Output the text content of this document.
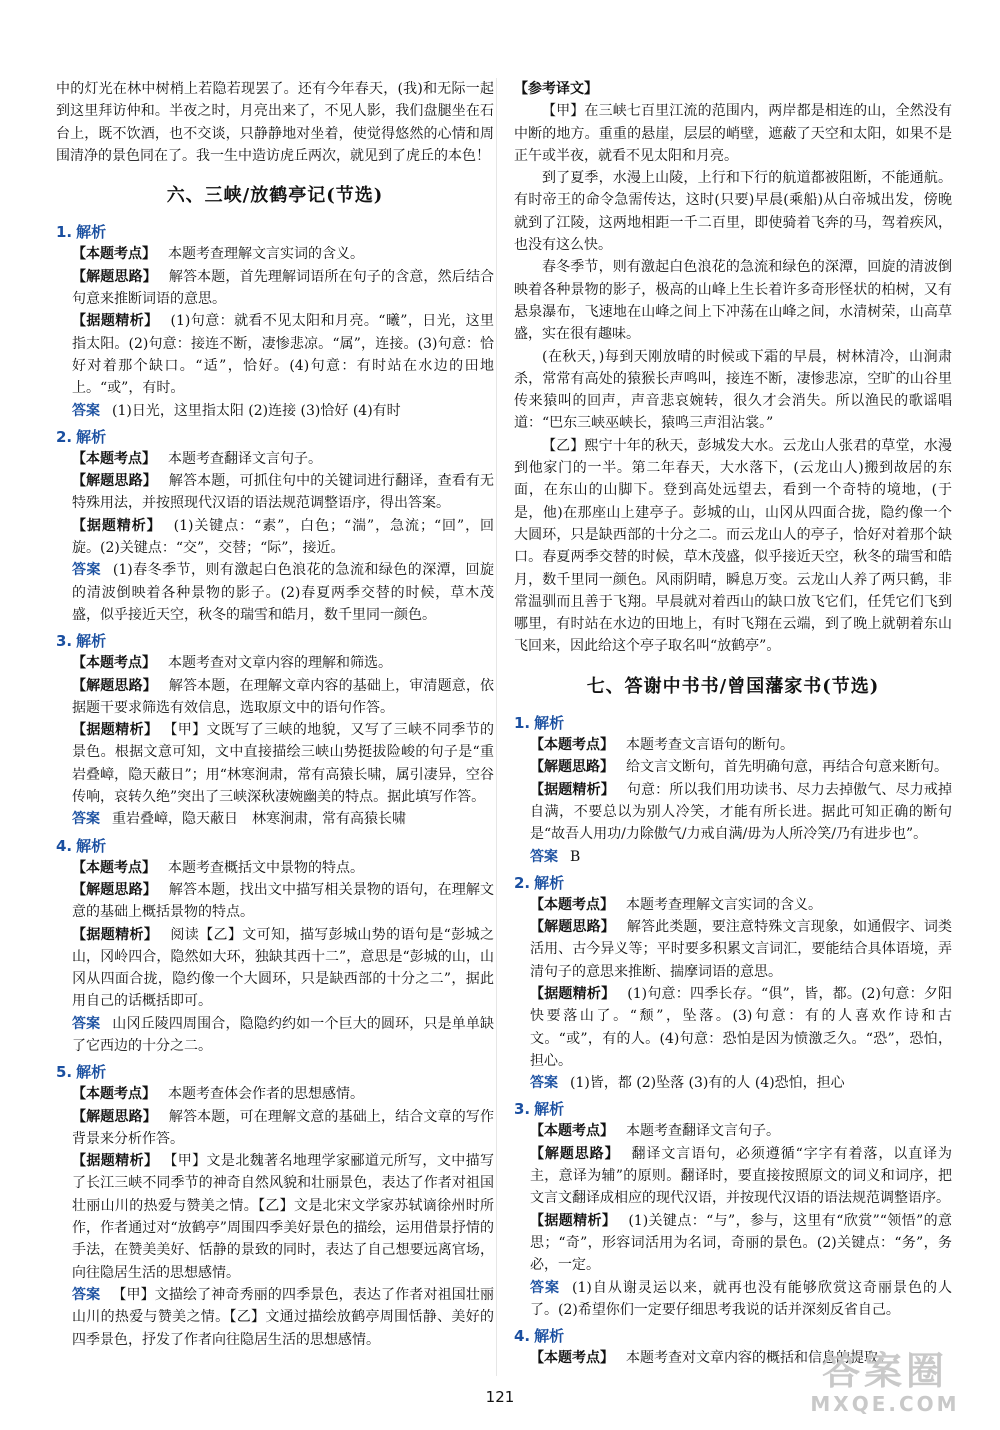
中的灯光在林中树梢上若隐若现罢了。还有今年春天，(我)和无际一起到这里拜访仲和。半夜之时，月亮出来了，不见人影，我们盘腿坐在石台上，既不饮酒，也不交谈，只静静地对坐着，使觉得悠然的心情和周围清净的景色同在了。我一生中造访虎丘两次，就见到了虎丘的本色！

六、三峡/放鹤亭记(节选)
1. 解析
【本题考点】 本题考查理解文言实词的含义。
【解题思路】 解答本题，首先理解词语所在句子的含意，然后结合句意来推断词语的意思。
【据题精析】 (1)句意：就看不见太阳和月亮。“曦”，日光，这里指太阳。(2)句意：接连不断，凄惨悲凉。“属”，连接。(3)句意：恰好对着那个缺口。“适”，恰好。(4)句意：有时站在水边的田地上。“或”，有时。
答案 (1)日光，这里指太阳 (2)连接 (3)恰好 (4)有时
2. 解析
【本题考点】 本题考查翻译文言句子。
【解题思路】 解答本题，可抓住句中的关键词进行翻译，查看有无特殊用法，并按照现代汉语的语法规范调整语序，得出答案。
【据题精析】 (1)关键点：“素”，白色；“湍”，急流；“回”，回旋。(2)关键点：“交”，交替；“际”，接近。
答案 (1)春冬季节，则有激起白色浪花的急流和绿色的深潭，回旋的清波倒映着各种景物的影子。(2)春夏两季交替的时候，草木茂盛，似乎接近天空，秋冬的瑞雪和皓月，数千里同一颜色。
3. 解析
【本题考点】 本题考查对文章内容的理解和筛选。
【解题思路】 解答本题，在理解文章内容的基础上，审清题意，依据题干要求筛选有效信息，选取原文中的语句作答。
【据题精析】 【甲】文既写了三峡的地貌，又写了三峡不同季节的景色。根据文意可知，文中直接描绘三峡山势挺拔险峻的句子是“重岩叠嶂，隐天蔽日”；用“林寒涧肃，常有高猿长啸，属引凄异，空谷传响，哀转久绝”突出了三峡深秋凄婉幽美的特点。据此填写作答。
答案 重岩叠嶂，隐天蔽日　林寒涧肃，常有高猿长啸
4. 解析
【本题考点】 本题考查概括文中景物的特点。
【解题思路】 解答本题，找出文中描写相关景物的语句，在理解文意的基础上概括景物的特点。
【据题精析】 阅读【乙】文可知，描写彭城山势的语句是“彭城之山，冈岭四合，隐然如大环，独缺其西十二”，意思是“彭城的山，山冈从四面合拢，隐约像一个大圆环，只是缺西部的十分之二”，据此用自己的话概括即可。
答案 山冈丘陵四周围合，隐隐约约如一个巨大的圆环，只是单单缺了它西边的十分之二。
5. 解析
【本题考点】 本题考查体会作者的思想感情。
【解题思路】 解答本题，可在理解文意的基础上，结合文章的写作背景来分析作答。
【据题精析】 【甲】文是北魏著名地理学家郦道元所写，文中描写了长江三峡不同季节的神奇自然风貌和壮丽景色，表达了作者对祖国壮丽山川的热爱与赞美之情。【乙】文是北宋文学家苏轼谪徐州时所作，作者通过对“放鹤亭”周围四季美好景色的描绘，运用借景抒情的手法，在赞美美好、恬静的景致的同时，表达了自己想要远离官场，向往隐居生活的思想感情。
答案 【甲】文描绘了神奇秀丽的四季景色，表达了作者对祖国壮丽山川的热爱与赞美之情。【乙】文通过描绘放鹤亭周围恬静、美好的四季景色，抒发了作者向往隐居生活的思想感情。
【参考译文】

【甲】在三峡七百里江流的范围内，两岸都是相连的山，全然没有中断的地方。重重的悬崖，层层的峭壁，遮蔽了天空和太阳，如果不是正午或半夜，就看不见太阳和月亮。

到了夏季，水漫上山陵，上行和下行的航道都被阻断，不能通航。有时帝王的命令急需传达，这时(只要)早晨(乘船)从白帝城出发，傍晚就到了江陵，这两地相距一千二百里，即使骑着飞奔的马，驾着疾风，也没有这么快。

春冬季节，则有激起白色浪花的急流和绿色的深潭，回旋的清波倒映着各种景物的影子，极高的山峰上生长着许多奇形怪状的柏树，又有悬泉瀑布，飞速地在山峰之间上下冲荡在山峰之间，水清树荣，山高草盛，实在很有趣味。

(在秋天，)每到天刚放晴的时候或下霜的早晨，树林清冷，山涧肃杀，常常有高处的猿猴长声鸣叫，接连不断，凄惨悲凉，空旷的山谷里传来猿叫的回声，声音悲哀婉转，很久才会消失。所以渔民的歌谣唱道：“巴东三峡巫峡长，猿鸣三声泪沾裳。”

【乙】熙宁十年的秋天，彭城发大水。云龙山人张君的草堂，水漫到他家门的一半。第二年春天，大水落下，(云龙山人)搬到故居的东面，在东山的山脚下。登到高处远望去，看到一个奇特的境地，(于是，他)在那座山上建亭子。彭城的山，山冈从四面合拢，隐约像一个大圆环，只是缺西部的十分之二。而云龙山人的亭子，恰好对着那个缺口。春夏两季交替的时候，草木茂盛，似乎接近天空，秋冬的瑞雪和皓月，数千里同一颜色。风雨阴晴，瞬息万变。云龙山人养了两只鹤，非常温驯而且善于飞翔。早晨就对着西山的缺口放飞它们，任凭它们飞到哪里，有时站在水边的田地上，有时飞翔在云端，到了晚上就朝着东山飞回来，因此给这个亭子取名叫“放鹤亭”。

七、答谢中书书/曾国藩家书(节选)
1. 解析
【本题考点】 本题考查文言语句的断句。
【解题思路】 给文言文断句，首先明确句意，再结合句意来断句。
【据题精析】 句意：所以我们用功读书、尽力去掉傲气、尽力戒掉自满，不要总以为别人冷笑，才能有所长进。据此可知正确的断句是“故吾人用功/力除傲气/力戒自满/毋为人所冷笑/乃有进步也”。
答案 B
2. 解析
【本题考点】 本题考查理解文言实词的含义。
【解题思路】 解答此类题，要注意特殊文言现象，如通假字、词类活用、古今异义等；平时要多积累文言词汇，要能结合具体语境，弄清句子的意思来推断、揣摩词语的意思。
【据题精析】 (1)句意：四季长存。“俱”，皆，都。(2)句意：夕阳快要落山了。“颓”，坠落。(3)句意：有的人喜欢作诗和古文。“或”，有的人。(4)句意：恐怕是因为愤激乏久。“恐”，恐怕，担心。
答案 (1)皆，都 (2)坠落 (3)有的人 (4)恐怕，担心
3. 解析
【本题考点】 本题考查翻译文言句子。
【解题思路】 翻译文言语句，必须遵循“字字有着落，以直译为主，意译为辅”的原则。翻译时，要直接按照原文的词义和词序，把文言文翻译成相应的现代汉语，并按现代汉语的语法规范调整语序。
【据题精析】 (1)关键点：“与”，参与，这里有“欣赏”“领悟”的意思；“奇”，形容词活用为名词，奇丽的景色。(2)关键点：“务”，务必，一定。
答案 (1)自从谢灵运以来，就再也没有能够欣赏这奇丽景色的人了。(2)希望你们一定要仔细思考我说的话并深刻反省自己。
4. 解析
【本题考点】 本题考查对文章内容的概括和信息的提取。
121
答案圈
MXQE.COM
